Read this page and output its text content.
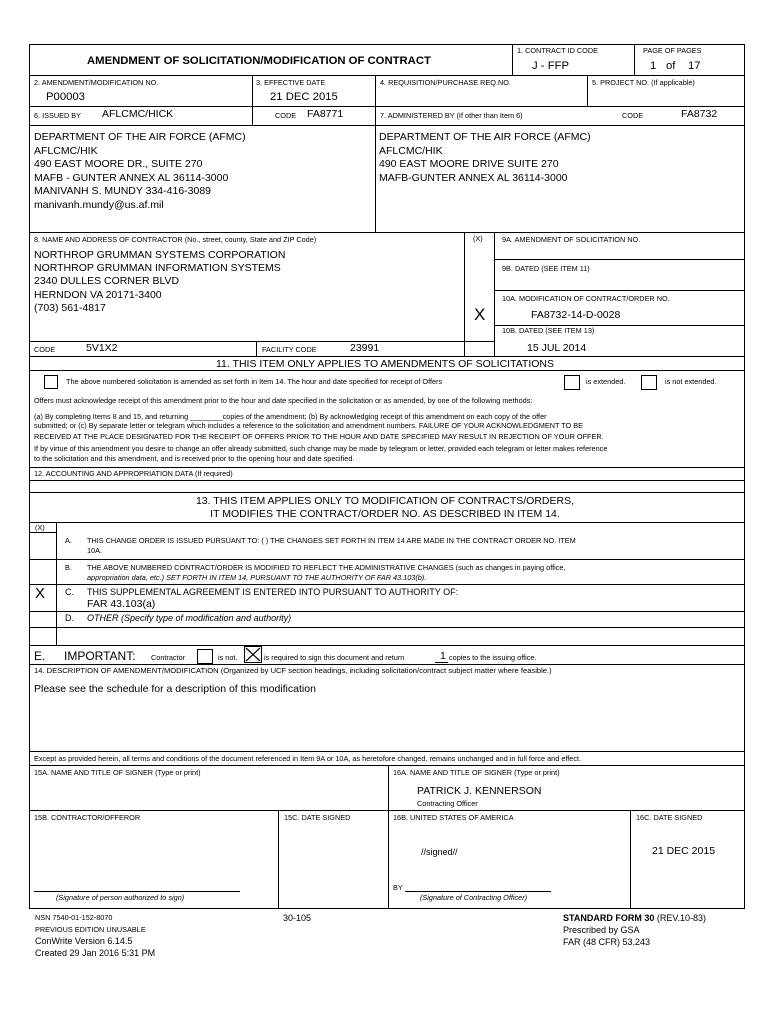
AMENDMENT OF SOLICITATION/MODIFICATION OF CONTRACT
1. CONTRACT ID CODE
J - FFP
PAGE OF PAGES
1 of 17
2. AMENDMENT/MODIFICATION NO.
P00003
3. EFFECTIVE DATE
21 DEC 2015
4. REQUISITION/PURCHASE REQ.NO.	5. PROJECT NO. (If applicable)
6. ISSUED BY AFLCMC/HICK	CODE FA8771	7. ADMINISTERED BY (If other than Item 6)	CODE	FA8732
DEPARTMENT OF THE AIR FORCE (AFMC)
AFLCMC/HIK
490 EAST MOORE DR., SUITE 270
MAFB - GUNTER ANNEX AL 36114-3000
MANIVANH S. MUNDY 334-416-3089
manivanh.mundy@us.af.mil
DEPARTMENT OF THE AIR FORCE (AFMC)
AFLCMC/HIK
490 EAST MOORE DRIVE SUITE 270
MAFB-GUNTER ANNEX AL 36114-3000
8. NAME AND ADDRESS OF CONTRACTOR (No., street, county, State and ZIP Code)
NORTHROP GRUMMAN SYSTEMS CORPORATION
NORTHROP GRUMMAN INFORMATION SYSTEMS
2340 DULLES CORNER BLVD
HERNDON VA 20171-3400
(703) 561-4817
(X)	9A. AMENDMENT OF SOLICITATION NO.
9B. DATED (SEE ITEM 11)
10A. MODIFICATION OF CONTRACT/ORDER NO.
FA8732-14-D-0028
X
10B. DATED (SEE ITEM 13)
15 JUL 2014
CODE	5V1X2	FACILITY CODE	23991
11. THIS ITEM ONLY APPLIES TO AMENDMENTS OF SOLICITATIONS
The above numbered solicitation is amended as set forth in Item 14. The hour and date specified for receipt of Offers	is extended.	is not extended.
Offers must acknowledge receipt of this amendment prior to the hour and date specified in the solicitation or as amended, by one of the following methods:
(a) By completing Items 8 and 15, and returning ________copies of the amendment; (b) By acknowledging receipt of this amendment on each copy of the offer
submitted; or (c) By separate letter or telegram which includes a reference to the solicitation and amendment numbers. FAILURE OF YOUR ACKNOWLEDGMENT TO BE
RECEIVED AT THE PLACE DESIGNATED FOR THE RECEIPT OF OFFERS PRIOR TO THE HOUR AND DATE SPECIFIED MAY RESULT IN REJECTION OF YOUR OFFER.
If by virtue of this amendment you desire to change an offer already submitted, such change may be made by telegram or letter, provided each telegram or letter makes reference
to the solicitation and this amendment, and is received prior to the opening hour and date specified.
12. ACCOUNTING AND APPROPRIATION DATA (If required)
13. THIS ITEM APPLIES ONLY TO MODIFICATION OF CONTRACTS/ORDERS,
IT MODIFIES THE CONTRACT/ORDER NO. AS DESCRIBED IN ITEM 14.
(X)
A. THIS CHANGE ORDER IS ISSUED PURSUANT TO: ( ) THE CHANGES SET FORTH IN ITEM 14 ARE MADE IN THE CONTRACT ORDER NO. ITEM
10A.
B. THE ABOVE NUMBERED CONTRACT/ORDER IS MODIFIED TO REFLECT THE ADMINISTRATIVE CHANGES (such as changes in paying office,
appropriation data, etc.) SET FORTH IN ITEM 14, PURSUANT TO THE AUTHORITY OF FAR 43.103(b).
X C. THIS SUPPLEMENTAL AGREEMENT IS ENTERED INTO PURSUANT TO AUTHORITY OF:
FAR 43.103(a)
D. OTHER (Specify type of modification and authority)
E. IMPORTANT: Contractor	is not.	is required to sign this document and return	1 copies to the issuing office.
14. DESCRIPTION OF AMENDMENT/MODIFICATION (Organized by UCF section headings, including solicitation/contract subject matter where feasible.)
Please see the schedule for a description of this modification
Except as provided herein, all terms and conditions of the document referenced in Item 9A or 10A, as heretofore changed, remains unchanged and in full force and effect.
15A. NAME AND TITLE OF SIGNER (Type or print)	16A. NAME AND TITLE OF SIGNER (Type or print)
PATRICK J. KENNERSON
Contracting Officer
15B. CONTRACTOR/OFFEROR	15C. DATE SIGNED	16B. UNITED STATES OF AMERICA	16C. DATE SIGNED
//signed//	21 DEC 2015
(Signature of person authorized to sign)
BY
(Signature of Contracting Officer)
NSN 7540-01-152-8070
PREVIOUS EDITION UNUSABLE
ConWrite Version 6.14.5
Created 29 Jan 2016 5:31 PM
30-105	STANDARD FORM 30 (REV.10-83)
Prescribed by GSA
FAR (48 CFR) 53.243
